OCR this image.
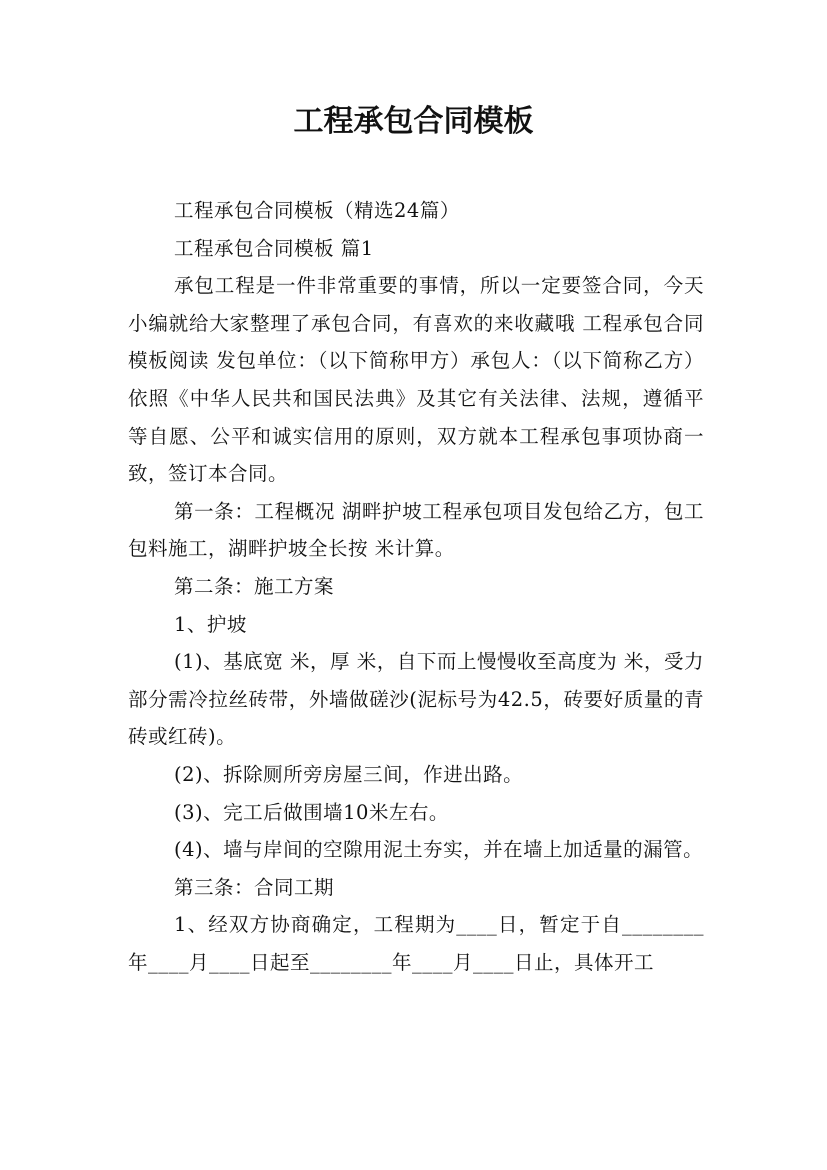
工程承包合同模板

工程承包合同模板（精选24篇）

工程承包合同模板 篇1

承包工程是一件非常重要的事情，所以一定要签合同，今天小编就给大家整理了承包合同，有喜欢的来收藏哦 工程承包合同模板阅读 发包单位：（以下简称甲方）承包人：（以下简称乙方）依照《中华人民共和国民法典》及其它有关法律、法规，遵循平等自愿、公平和诚实信用的原则，双方就本工程承包事项协商一致，签订本合同。

第一条：工程概况 湖畔护坡工程承包项目发包给乙方，包工包料施工，湖畔护坡全长按 米计算。

第二条：施工方案

1、护坡

(1)、基底宽 米，厚 米，自下而上慢慢收至高度为 米，受力部分需冷拉丝砖带，外墙做磋沙(泥标号为42.5，砖要好质量的青砖或红砖)。

(2)、拆除厕所旁房屋三间，作进出路。

(3)、完工后做围墙10米左右。

(4)、墙与岸间的空隙用泥土夯实，并在墙上加适量的漏管。

第三条：合同工期

1、经双方协商确定，工程期为____日，暂定于自________年____月____日起至________年____月____日止，具体开工
